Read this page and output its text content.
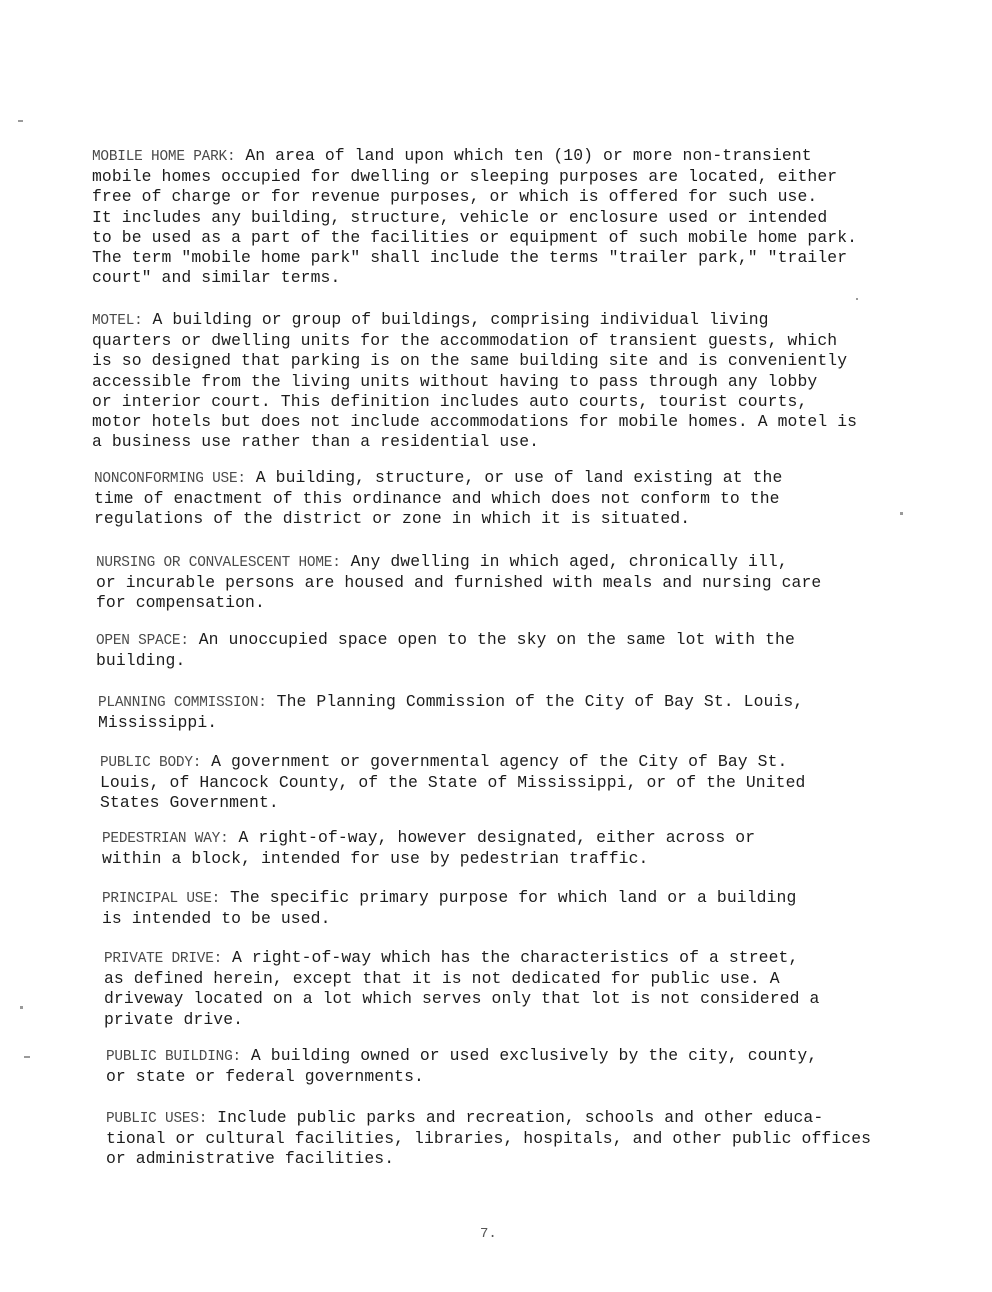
MOBILE HOME PARK: An area of land upon which ten (10) or more non-transient
mobile homes occupied for dwelling or sleeping purposes are located, either
free of charge or for revenue purposes, or which is offered for such use.
It includes any building, structure, vehicle or enclosure used or intended
to be used as a part of the facilities or equipment of such mobile home park.
The term "mobile home park" shall include the terms "trailer park," "trailer
court" and similar terms.

MOTEL: A building or group of buildings, comprising individual living
quarters or dwelling units for the accommodation of transient guests, which
is so designed that parking is on the same building site and is conveniently
accessible from the living units without having to pass through any lobby
or interior court. This definition includes auto courts, tourist courts,
motor hotels but does not include accommodations for mobile homes. A motel is
a business use rather than a residential use.

NONCONFORMING USE: A building, structure, or use of land existing at the
time of enactment of this ordinance and which does not conform to the
regulations of the district or zone in which it is situated.

NURSING OR CONVALESCENT HOME: Any dwelling in which aged, chronically ill,
or incurable persons are housed and furnished with meals and nursing care
for compensation.

OPEN SPACE: An unoccupied space open to the sky on the same lot with the
building.

PLANNING COMMISSION: The Planning Commission of the City of Bay St. Louis,
Mississippi.

PUBLIC BODY: A government or governmental agency of the City of Bay St.
Louis, of Hancock County, of the State of Mississippi, or of the United
States Government.

PEDESTRIAN WAY: A right-of-way, however designated, either across or
within a block, intended for use by pedestrian traffic.

PRINCIPAL USE: The specific primary purpose for which land or a building
is intended to be used.

PRIVATE DRIVE: A right-of-way which has the characteristics of a street,
as defined herein, except that it is not dedicated for public use. A
driveway located on a lot which serves only that lot is not considered a
private drive.

PUBLIC BUILDING: A building owned or used exclusively by the city, county,
or state or federal governments.

PUBLIC USES: Include public parks and recreation, schools and other educa-
tional or cultural facilities, libraries, hospitals, and other public offices
or administrative facilities.

7.
